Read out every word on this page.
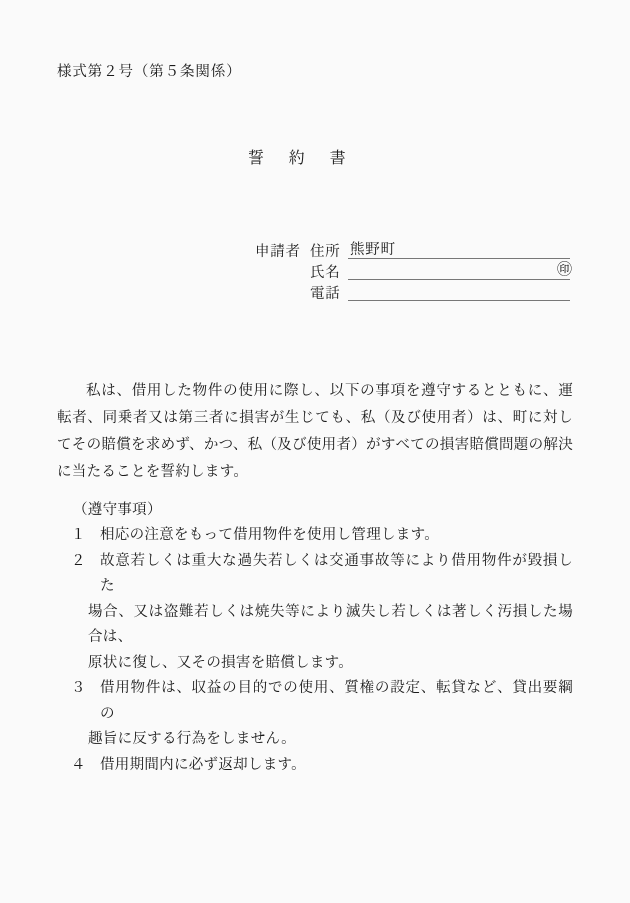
様式第２号（第５条関係）
誓約書
申請者 住所 熊野町
氏名	㊞
電話
私は、借用した物件の使用に際し、以下の事項を遵守するとともに、運転者、同乗者又は第三者に損害が生じても、私（及び使用者）は、町に対してその賠償を求めず、かつ、私（及び使用者）がすべての損害賠償問題の解決に当たることを誓約します。
（遵守事項）
１ 相応の注意をもって借用物件を使用し管理します。
２ 故意若しくは重大な過失若しくは交通事故等により借用物件が毀損した
場合、又は盗難若しくは焼失等により滅失し若しくは著しく汚損した場合は、
原状に復し、又その損害を賠償します。
３ 借用物件は、収益の目的での使用、質権の設定、転貸など、貸出要綱の
趣旨に反する行為をしません。
４ 借用期間内に必ず返却します。
